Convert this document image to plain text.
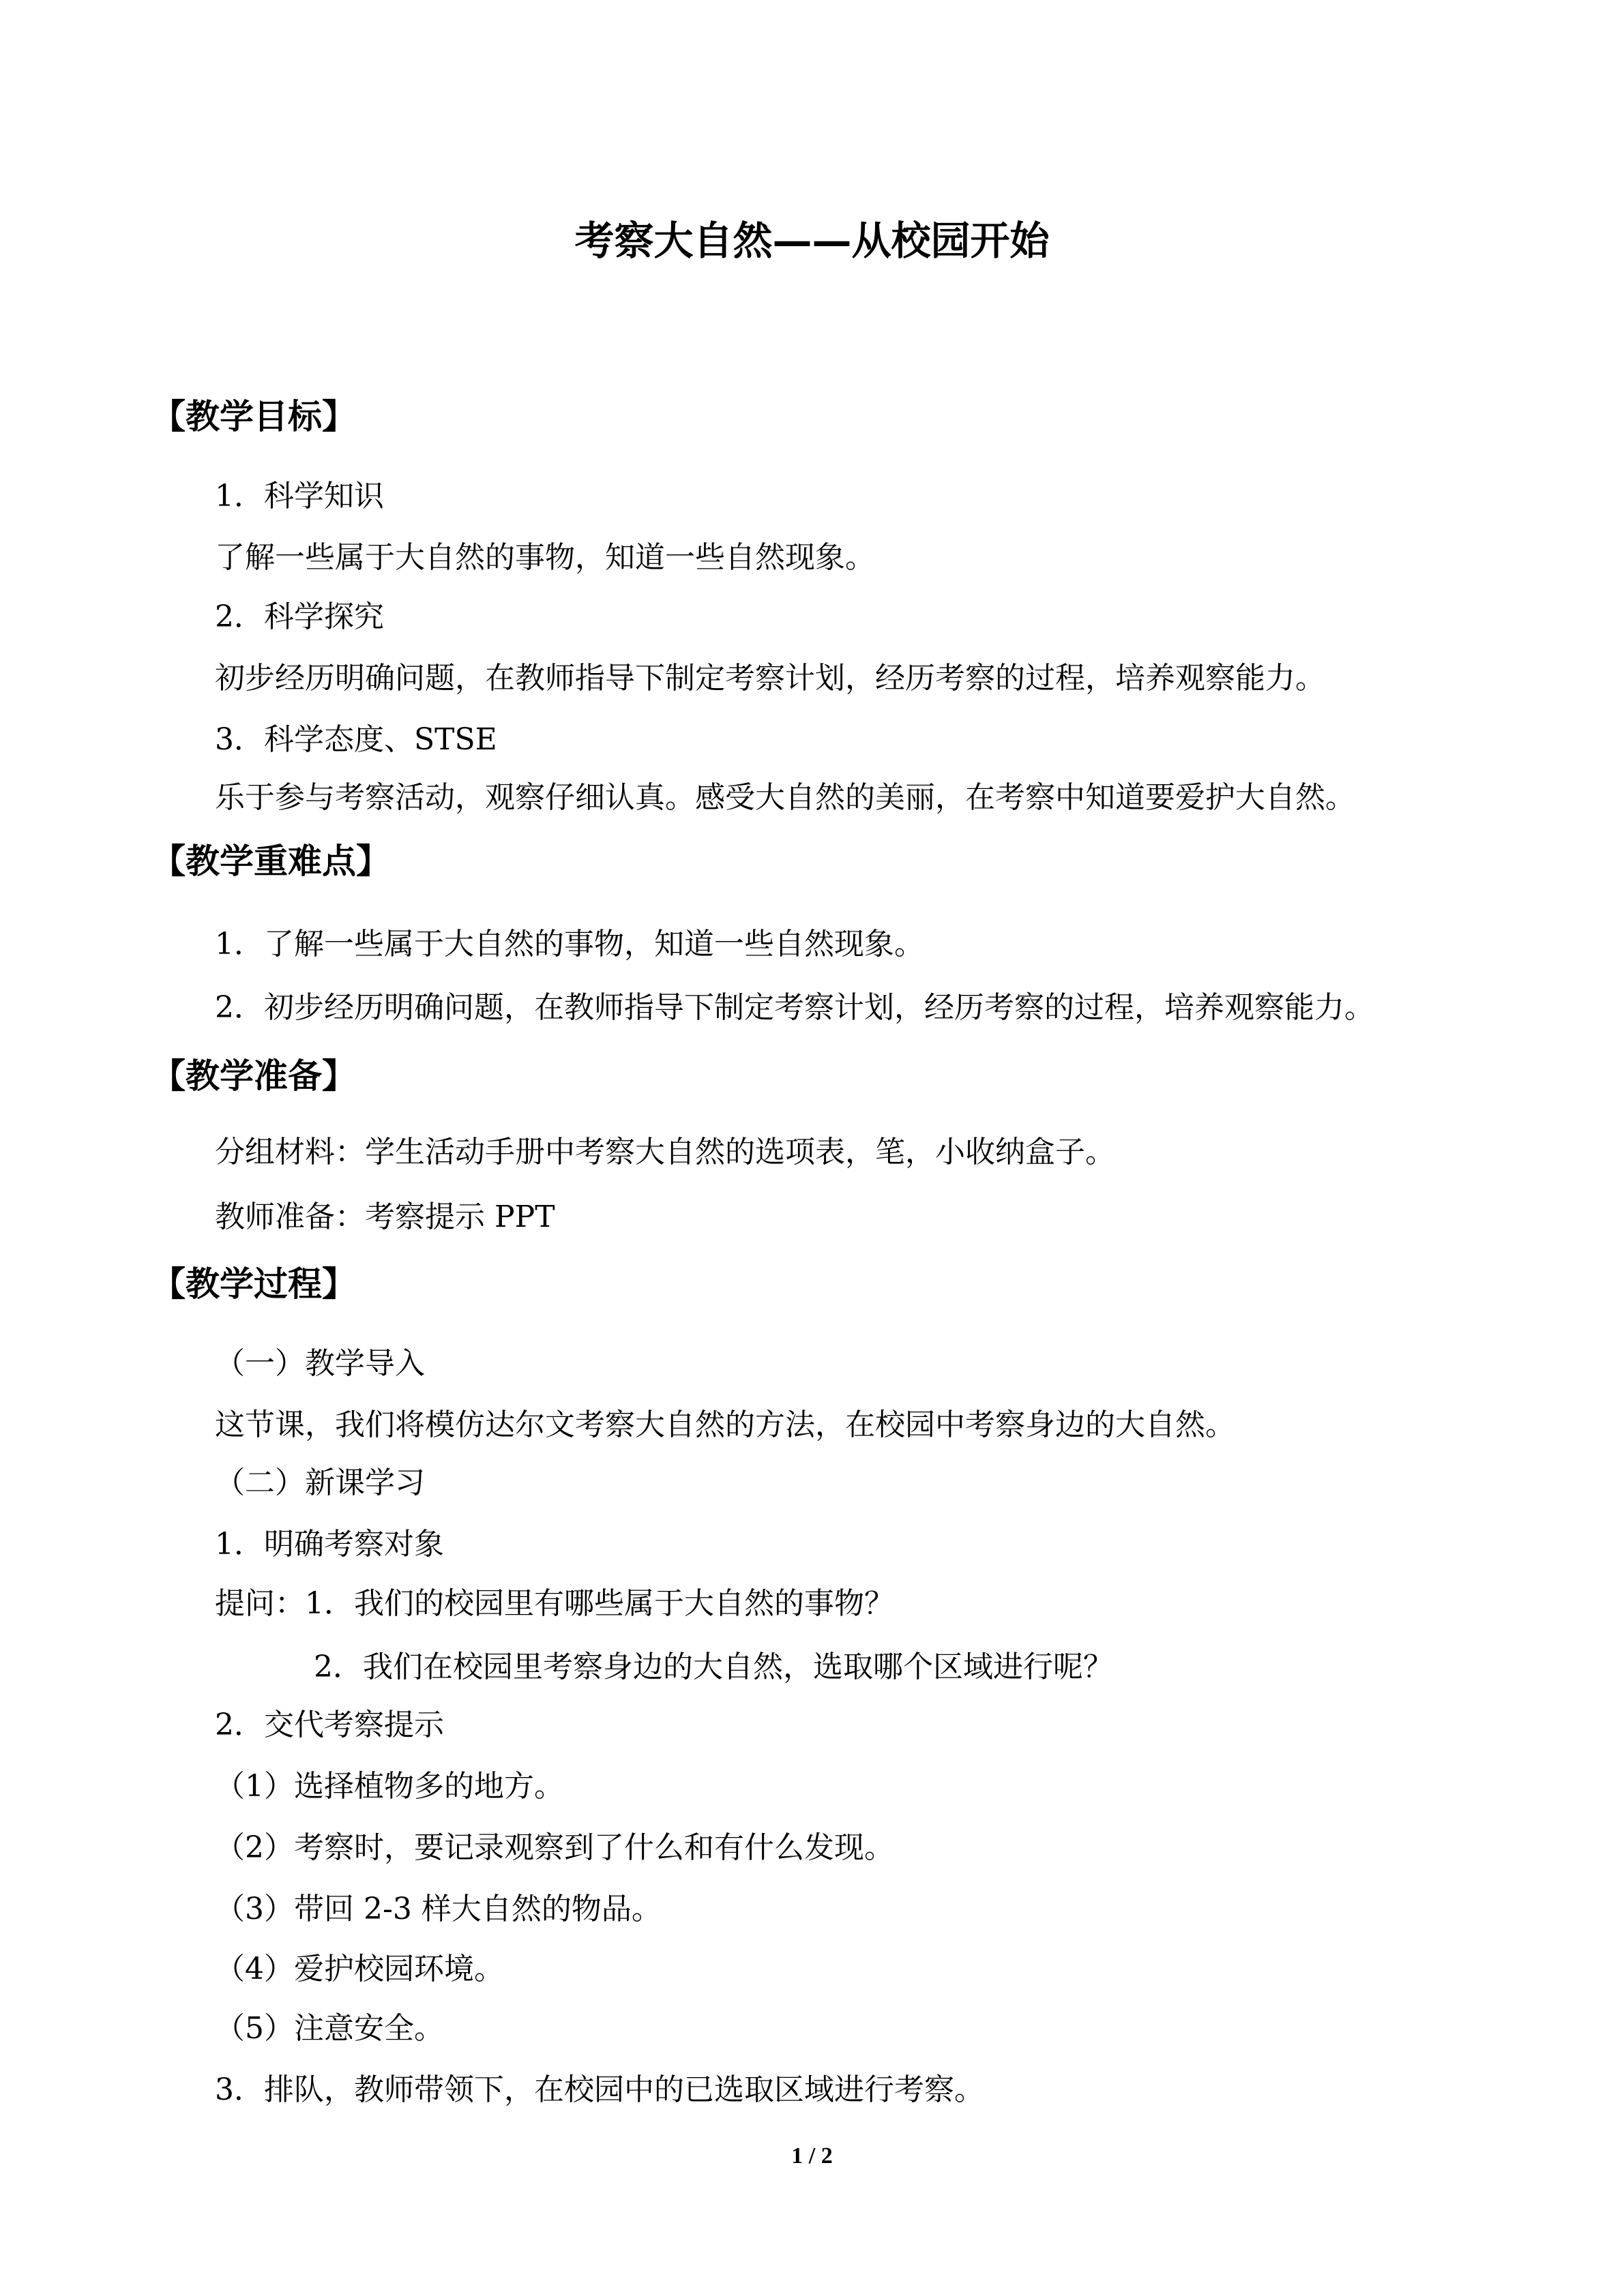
考察大自然——从校园开始
【教学目标】
1．科学知识
了解一些属于大自然的事物，知道一些自然现象。
2．科学探究
初步经历明确问题，在教师指导下制定考察计划，经历考察的过程，培养观察能力。
3．科学态度、STSE
乐于参与考察活动，观察仔细认真。感受大自然的美丽，在考察中知道要爱护大自然。
【教学重难点】
1．了解一些属于大自然的事物，知道一些自然现象。
2．初步经历明确问题，在教师指导下制定考察计划，经历考察的过程，培养观察能力。
【教学准备】
分组材料：学生活动手册中考察大自然的选项表，笔，小收纳盒子。
教师准备：考察提示 PPT
【教学过程】
（一）教学导入
这节课，我们将模仿达尔文考察大自然的方法，在校园中考察身边的大自然。
（二）新课学习
1．明确考察对象
提问：1．我们的校园里有哪些属于大自然的事物？
2．我们在校园里考察身边的大自然，选取哪个区域进行呢？
2．交代考察提示
（1）选择植物多的地方。
（2）考察时，要记录观察到了什么和有什么发现。
（3）带回 2-3 样大自然的物品。
（4）爱护校园环境。
（5）注意安全。
3．排队，教师带领下，在校园中的已选取区域进行考察。
1 / 2
